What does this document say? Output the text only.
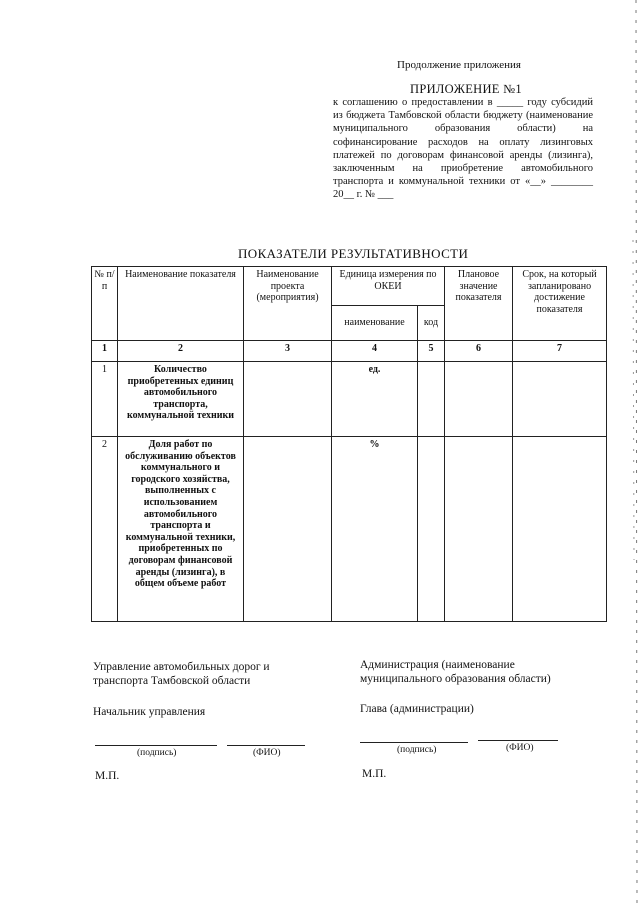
Продолжение приложения
ПРИЛОЖЕНИЕ №1
к соглашению о предоставлении в _____ году субсидий из бюджета Тамбовской области бюджету (наименование муниципального образования области) на софинансирование расходов на оплату лизинговых платежей по договорам финансовой аренды (лизинга), заключенным на приобретение автомобильного транспорта и коммунальной техники от «__» ________ 20__ г. № ___
ПОКАЗАТЕЛИ РЕЗУЛЬТАТИВНОСТИ
№ п/п	Наименование показателя	Наименование проекта (мероприятия)	Единица измерения по ОКЕИ		Плановое значение показателя	Срок, на который запланировано достижение показателя
			наименование	код		
1	2	3	4	5	6	7
1	Количество приобретенных единиц автомобильного транспорта, коммунальной техники		ед.			
2	Доля работ по обслуживанию объектов коммунального и городского хозяйства, выполненных с использованием автомобильного транспорта и коммунальной техники, приобретенных по договорам финансовой аренды (лизинга), в общем объеме работ		%			
Управление автомобильных дорог и транспорта Тамбовской области
Начальник управления
(подпись)	(ФИО)
М.П.
Администрация (наименование муниципального образования области)
Глава (администрации)
(подпись)	(ФИО)
М.П.
